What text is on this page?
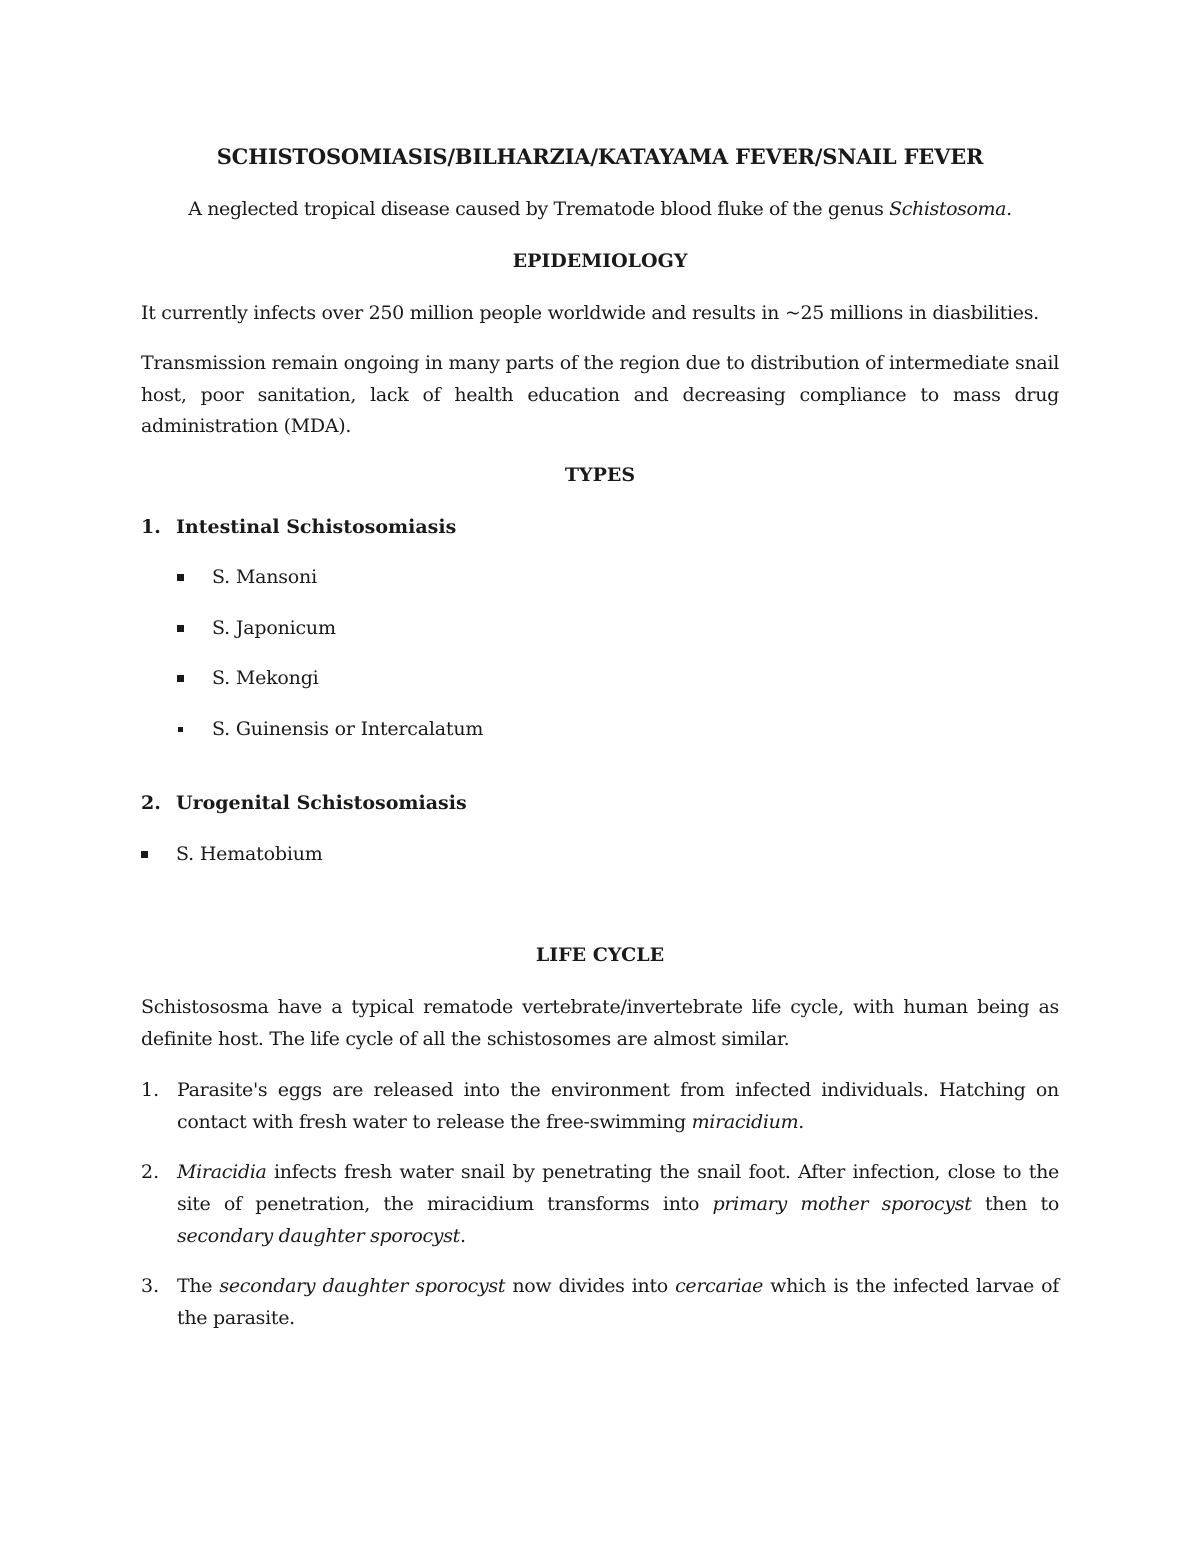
SCHISTOSOMIASIS/BILHARZIA/KATAYAMA FEVER/SNAIL FEVER
A neglected tropical disease caused by Trematode blood fluke of the genus Schistosoma.
EPIDEMIOLOGY
It currently infects over 250 million people worldwide and results in ~25 millions in diasbilities.
Transmission remain ongoing in many parts of the region due to distribution of intermediate snail host, poor sanitation, lack of health education and decreasing compliance to mass drug administration (MDA).
TYPES
1. Intestinal Schistosomiasis
S. Mansoni
S. Japonicum
S. Mekongi
S. Guinensis or Intercalatum
2. Urogenital Schistosomiasis
S. Hematobium
LIFE CYCLE
Schistososma have a typical rematode vertebrate/invertebrate life cycle, with human being as definite host. The life cycle of all the schistosomes are almost similar.
1. Parasite's eggs are released into the environment from infected individuals. Hatching on contact with fresh water to release the free-swimming miracidium.
2. Miracidia infects fresh water snail by penetrating the snail foot. After infection, close to the site of penetration, the miracidium transforms into primary mother sporocyst then to secondary daughter sporocyst.
3. The secondary daughter sporocyst now divides into cercariae which is the infected larvae of the parasite.
